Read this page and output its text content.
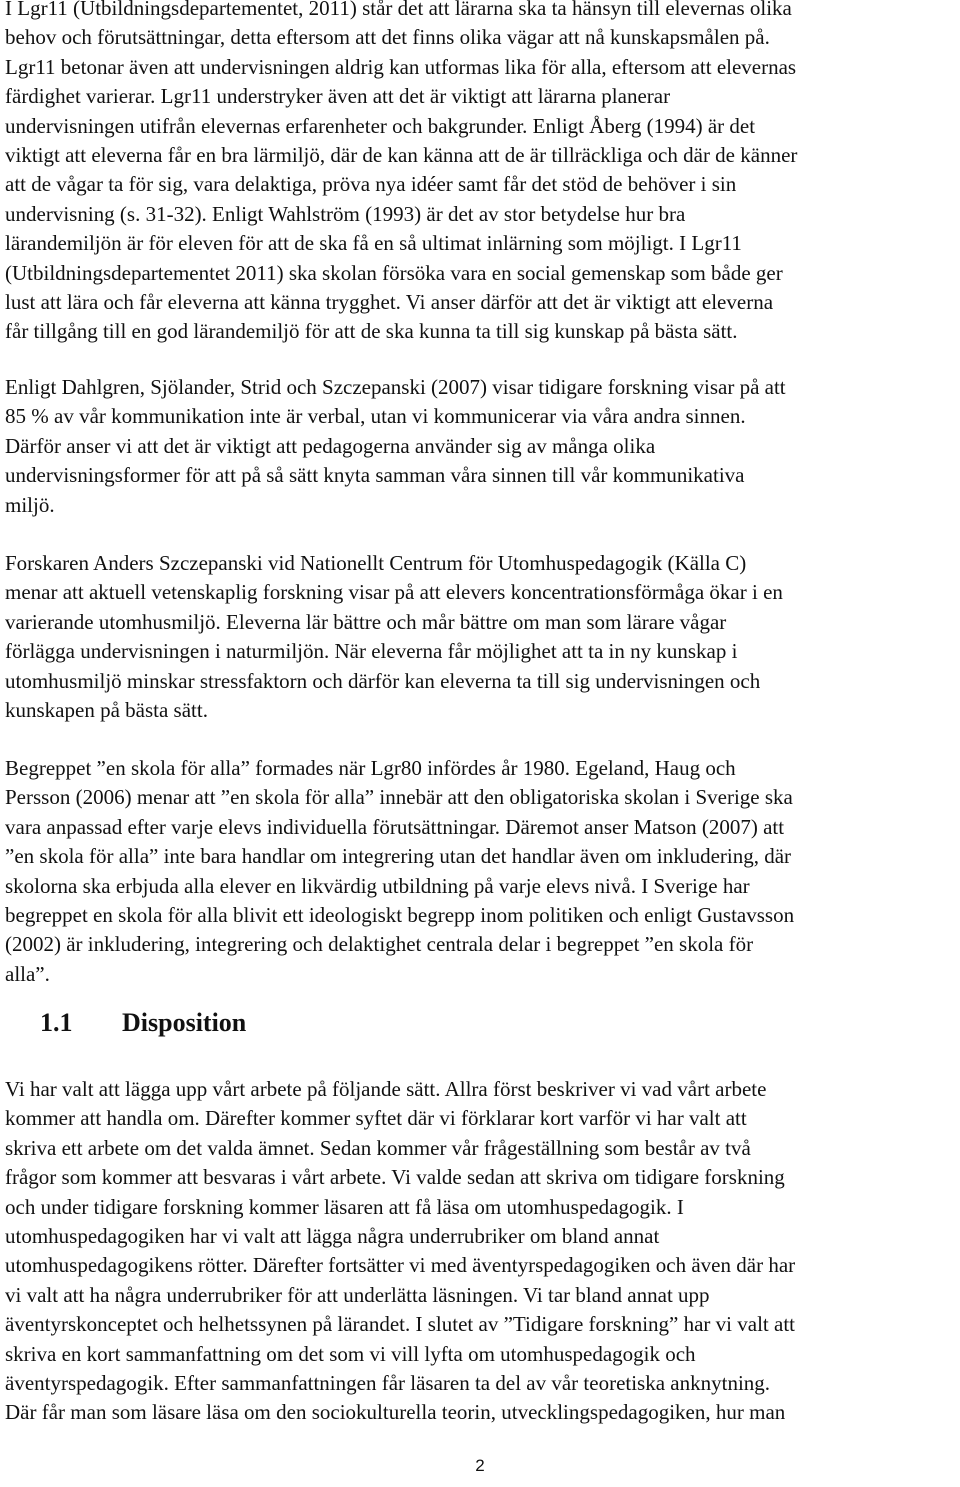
I Lgr11 (Utbildningsdepartementet, 2011) står det att lärarna ska ta hänsyn till elevernas olika
behov och förutsättningar, detta eftersom att det finns olika vägar att nå kunskapsmålen på.
Lgr11 betonar även att undervisningen aldrig kan utformas lika för alla, eftersom att elevernas
färdighet varierar. Lgr11 understryker även att det är viktigt att lärarna planerar
undervisningen utifrån elevernas erfarenheter och bakgrunder. Enligt Åberg (1994) är det
viktigt att eleverna får en bra lärmiljö, där de kan känna att de är tillräckliga och där de känner
att de vågar ta för sig, vara delaktiga, pröva nya idéer samt får det stöd de behöver i sin
undervisning (s. 31-32). Enligt Wahlström (1993) är det av stor betydelse hur bra
lärandemiljön är för eleven för att de ska få en så ultimat inlärning som möjligt. I Lgr11
(Utbildningsdepartementet 2011) ska skolan försöka vara en social gemenskap som både ger
lust att lära och får eleverna att känna trygghet. Vi anser därför att det är viktigt att eleverna
får tillgång till en god lärandemiljö för att de ska kunna ta till sig kunskap på bästa sätt.

Enligt Dahlgren, Sjölander, Strid och Szczepanski (2007) visar tidigare forskning visar på att
85 % av vår kommunikation inte är verbal, utan vi kommunicerar via våra andra sinnen.
Därför anser vi att det är viktigt att pedagogerna använder sig av många olika
undervisningsformer för att på så sätt knyta samman våra sinnen till vår kommunikativa
miljö.

Forskaren Anders Szczepanski vid Nationellt Centrum för Utomhuspedagogik (Källa C)
menar att aktuell vetenskaplig forskning visar på att elevers koncentrationsförmåga ökar i en
varierande utomhusmiljö. Eleverna lär bättre och mår bättre om man som lärare vågar
förlägga undervisningen i naturmiljön. När eleverna får möjlighet att ta in ny kunskap i
utomhusmiljö minskar stressfaktorn och därför kan eleverna ta till sig undervisningen och
kunskapen på bästa sätt.

Begreppet ”en skola för alla” formades när Lgr80 infördes år 1980. Egeland, Haug och
Persson (2006) menar att ”en skola för alla” innebär att den obligatoriska skolan i Sverige ska
vara anpassad efter varje elevs individuella förutsättningar. Däremot anser Matson (2007) att
”en skola för alla” inte bara handlar om integrering utan det handlar även om inkludering, där
skolorna ska erbjuda alla elever en likvärdig utbildning på varje elevs nivå. I Sverige har
begreppet en skola för alla blivit ett ideologiskt begrepp inom politiken och enligt Gustavsson
(2002) är inkludering, integrering och delaktighet centrala delar i begreppet ”en skola för
alla”.

1.1 Disposition

Vi har valt att lägga upp vårt arbete på följande sätt. Allra först beskriver vi vad vårt arbete
kommer att handla om. Därefter kommer syftet där vi förklarar kort varför vi har valt att
skriva ett arbete om det valda ämnet. Sedan kommer vår frågeställning som består av två
frågor som kommer att besvaras i vårt arbete. Vi valde sedan att skriva om tidigare forskning
och under tidigare forskning kommer läsaren att få läsa om utomhuspedagogik. I
utomhuspedagogiken har vi valt att lägga några underrubriker om bland annat
utomhuspedagogikens rötter. Därefter fortsätter vi med äventyrspedagogiken och även där har
vi valt att ha några underrubriker för att underlätta läsningen. Vi tar bland annat upp
äventyrskonceptet och helhetssynen på lärandet. I slutet av ”Tidigare forskning” har vi valt att
skriva en kort sammanfattning om det som vi vill lyfta om utomhuspedagogik och
äventyrspedagogik. Efter sammanfattningen får läsaren ta del av vår teoretiska anknytning.
Där får man som läsare läsa om den sociokulturella teorin, utvecklingspedagogiken, hur man

2
